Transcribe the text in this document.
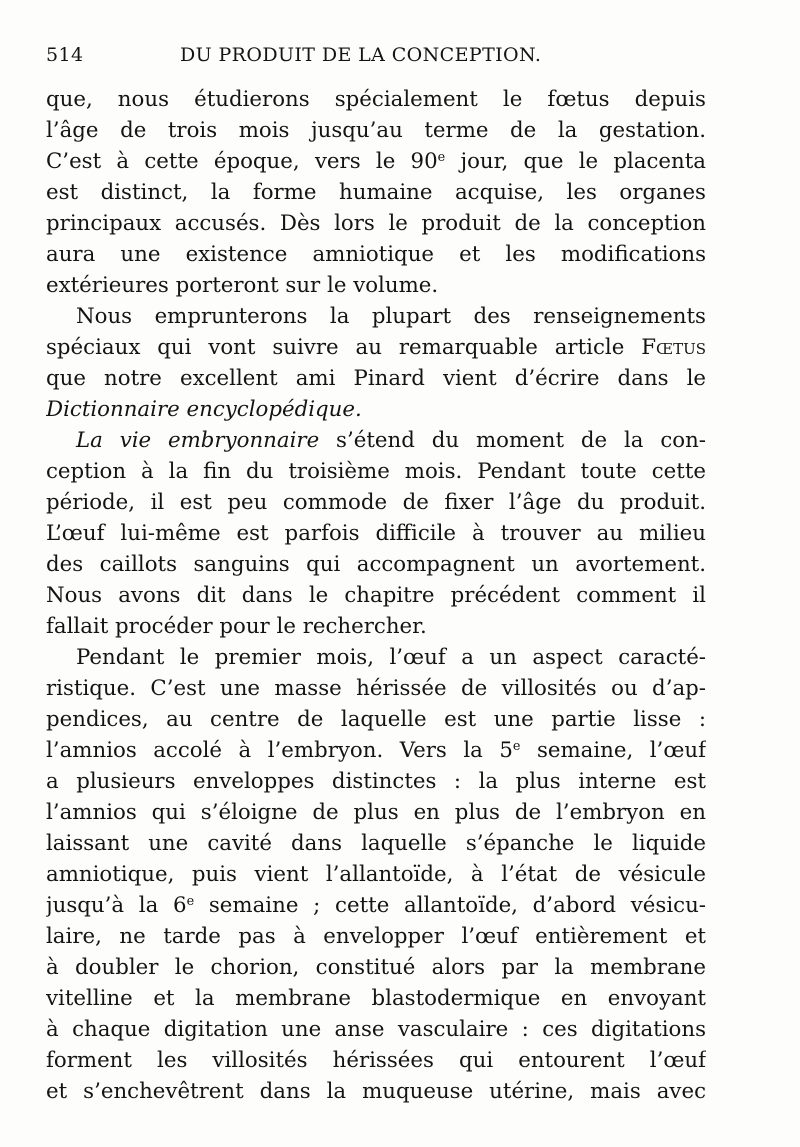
514	DU PRODUIT DE LA CONCEPTION.
que, nous étudierons spécialement le fœtus depuis
l’âge de trois mois jusqu’au terme de la gestation.
C’est à cette époque, vers le 90e jour, que le placenta
est distinct, la forme humaine acquise, les organes
principaux accusés. Dès lors le produit de la conception
aura une existence amniotique et les modifications
extérieures porteront sur le volume.
Nous emprunterons la plupart des renseignements
spéciaux qui vont suivre au remarquable article Fœtus
que notre excellent ami Pinard vient d’écrire dans le
Dictionnaire encyclopédique.
La vie embryonnaire s’étend du moment de la con-
ception à la fin du troisième mois. Pendant toute cette
période, il est peu commode de fixer l’âge du produit.
L’œuf lui-même est parfois difficile à trouver au milieu
des caillots sanguins qui accompagnent un avortement.
Nous avons dit dans le chapitre précédent comment il
fallait procéder pour le rechercher.
Pendant le premier mois, l’œuf a un aspect caracté-
ristique. C’est une masse hérissée de villosités ou d’ap-
pendices, au centre de laquelle est une partie lisse :
l’amnios accolé à l’embryon. Vers la 5e semaine, l’œuf
a plusieurs enveloppes distinctes : la plus interne est
l’amnios qui s’éloigne de plus en plus de l’embryon en
laissant une cavité dans laquelle s’épanche le liquide
amniotique, puis vient l’allantoïde, à l’état de vésicule
jusqu’à la 6e semaine ; cette allantoïde, d’abord vésicu-
laire, ne tarde pas à envelopper l’œuf entièrement et
à doubler le chorion, constitué alors par la membrane
vitelline et la membrane blastodermique en envoyant
à chaque digitation une anse vasculaire : ces digitations
forment les villosités hérissées qui entourent l’œuf
et s’enchevêtrent dans la muqueuse utérine, mais avec
